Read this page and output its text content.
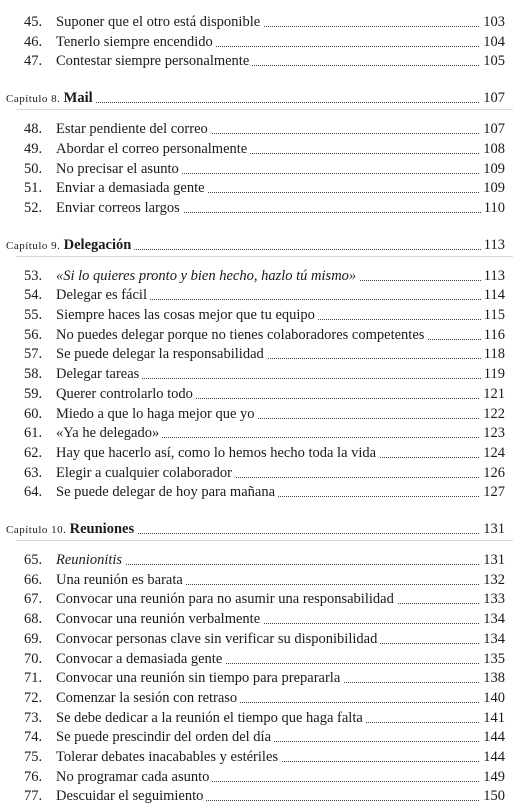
45. Suponer que el otro está disponible	103
46. Tenerlo siempre encendido	104
47. Contestar siempre personalmente	105
Capítulo 8. Mail	107
48. Estar pendiente del correo	107
49. Abordar el correo personalmente	108
50. No precisar el asunto	109
51. Enviar a demasiada gente	109
52. Enviar correos largos	110
Capítulo 9. Delegación	113
53. «Si lo quieres pronto y bien hecho, hazlo tú mismo»	113
54. Delegar es fácil	114
55. Siempre haces las cosas mejor que tu equipo	115
56. No puedes delegar porque no tienes colaboradores competentes	116
57. Se puede delegar la responsabilidad	118
58. Delegar tareas	119
59. Querer controlarlo todo	121
60. Miedo a que lo haga mejor que yo	122
61. «Ya he delegado»	123
62. Hay que hacerlo así, como lo hemos hecho toda la vida	124
63. Elegir a cualquier colaborador	126
64. Se puede delegar de hoy para mañana	127
Capítulo 10. Reuniones	131
65. Reunionitis	131
66. Una reunión es barata	132
67. Convocar una reunión para no asumir una responsabilidad	133
68. Convocar una reunión verbalmente	134
69. Convocar personas clave sin verificar su disponibilidad	134
70. Convocar a demasiada gente	135
71. Convocar una reunión sin tiempo para prepararla	138
72. Comenzar la sesión con retraso	140
73. Se debe dedicar a la reunión el tiempo que haga falta	141
74. Se puede prescindir del orden del día	144
75. Tolerar debates inacabables y estériles	144
76. No programar cada asunto	149
77. Descuidar el seguimiento	150
